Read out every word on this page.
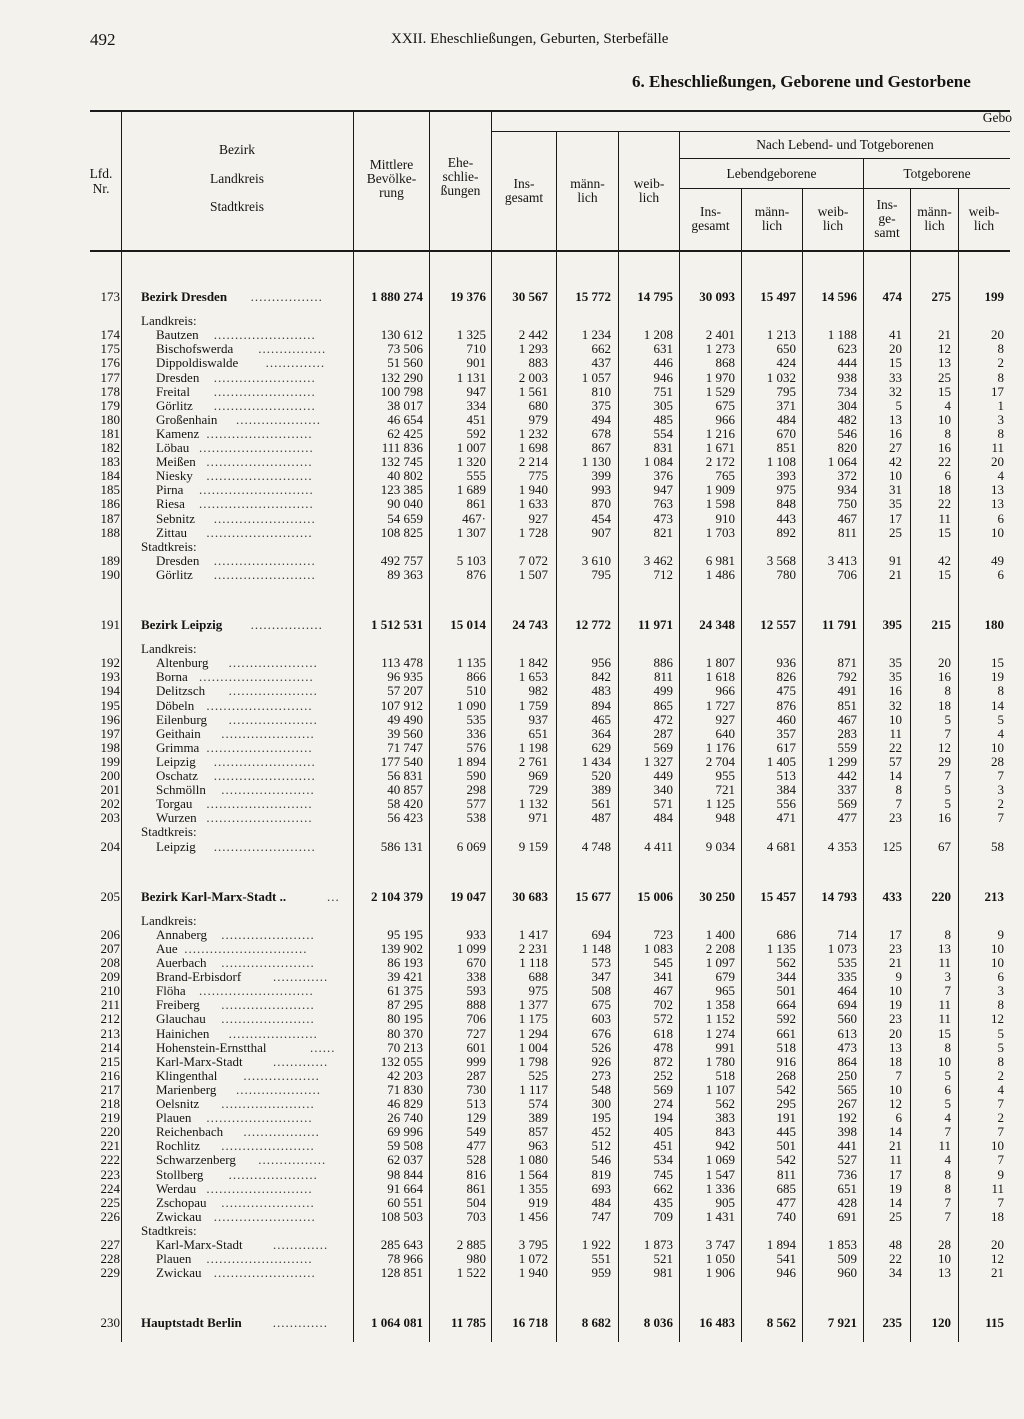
492	XXII. Eheschließungen, Geburten, Sterbefälle
6. Eheschließungen, Geborene und Gestorbene
Lfd.
Nr.
Bezirk
Landkreis
Stadtkreis
Mittlere
Bevölke-
rung
Ehe-
schlie-
ßungen
Gebo
Nach Lebend- und Totgeborenen
Lebendgeborene	Totgeborene
Ins-
gesamt
männ-
lich
weib-
lich
Ins-
gesamt
männ-
lich
weib-
lich
Ins-
ge-
samt
männ-
lich
weib-
lich
173 Bezirk Dresden	.................	1 880 274	19 376	30 567	15 772	14 795	30 093	15 497	14 596	474	275	199
Landkreis:
174	Bautzen	........................	130 612	1 325	2 442	1 234	1 208	2 401	1 213	1 188	41	21	20
175	Bischofswerda	................	73 506	710	1 293	662	631	1 273	650	623	20	12	8
176	Dippoldiswalde	..............	51 560	901	883	437	446	868	424	444	15	13	2
177	Dresden	........................	132 290	1 131	2 003	1 057	946	1 970	1 032	938	33	25	8
178	Freital	........................	100 798	947	1 561	810	751	1 529	795	734	32	15	17
179	Görlitz	........................	38 017	334	680	375	305	675	371	304	5	4	1
180	Großenhain	....................	46 654	451	979	494	485	966	484	482	13	10	3
181	Kamenz .........................	62 425	592	1 232	678	554	1 216	670	546	16	8	8
182	Löbau ...........................	111 836	1 007	1 698	867	831	1 671	851	820	27	16	11
183	Meißen .........................	132 745	1 320	2 214	1 130	1 084	2 172	1 108	1 064	42	22	20
184	Niesky	.........................	40 802	555	775	399	376	765	393	372	10	6	4
185	Pirna	...........................	123 385	1 689	1 940	993	947	1 909	975	934	31	18	13
186	Riesa	...........................	90 040	861	1 633	870	763	1 598	848	750	35	22	13
187	Sebnitz	........................	54 659	467·	927	454	473	910	443	467	17	11	6
188	Zittau	.........................	108 825	1 307	1 728	907	821	1 703	892	811	25	15	10
Stadtkreis:
189	Dresden	........................	492 757	5 103	7 072	3 610	3 462	6 981	3 568	3 413	91	42	49
190	Görlitz	........................	89 363	876	1 507	795	712	1 486	780	706	21	15	6
191 Bezirk Leipzig	.................	1 512 531	15 014	24 743	12 772	11 971	24 348	12 557	11 791	395	215	180
Landkreis:
192	Altenburg	.....................	113 478	1 135	1 842	956	886	1 807	936	871	35	20	15
193	Borna ...........................	96 935	866	1 653	842	811	1 618	826	792	35	16	19
194	Delitzsch	.....................	57 207	510	982	483	499	966	475	491	16	8	8
195	Döbeln .........................	107 912	1 090	1 759	894	865	1 727	876	851	32	18	14
196	Eilenburg	.....................	49 490	535	937	465	472	927	460	467	10	5	5
197	Geithain	......................	39 560	336	651	364	287	640	357	283	11	7	4
198	Grimma .........................	71 747	576	1 198	629	569	1 176	617	559	22	12	10
199	Leipzig	........................	177 540	1 894	2 761	1 434	1 327	2 704	1 405	1 299	57	29	28
200	Oschatz	........................	56 831	590	969	520	449	955	513	442	14	7	7
201	Schmölln	......................	40 857	298	729	389	340	721	384	337	8	5	3
202	Torgau	.........................	58 420	577	1 132	561	571	1 125	556	569	7	5	2
203	Wurzen .........................	56 423	538	971	487	484	948	471	477	23	16	7
Stadtkreis:
204	Leipzig	........................	586 131	6 069	9 159	4 748	4 411	9 034	4 681	4 353	125	67	58
205 Bezirk Karl-Marx-Stadt ..	...	2 104 379	19 047	30 683	15 677	15 006	30 250	15 457	14 793	433	220	213
Landkreis:
206	Annaberg	......................	95 195	933	1 417	694	723	1 400	686	714	17	8	9
207	Aue .............................	139 902	1 099	2 231	1 148	1 083	2 208	1 135	1 073	23	13	10
208	Auerbach	......................	86 193	670	1 118	573	545	1 097	562	535	21	11	10
209	Brand-Erbisdorf	.............	39 421	338	688	347	341	679	344	335	9	3	6
210	Flöha	...........................	61 375	593	975	508	467	965	501	464	10	7	3
211	Freiberg	......................	87 295	888	1 377	675	702	1 358	664	694	19	11	8
212	Glauchau	......................	80 195	706	1 175	603	572	1 152	592	560	23	11	12
213	Hainichen	.....................	80 370	727	1 294	676	618	1 274	661	613	20	15	5
214	Hohenstein-Ernstthal	......	70 213	601	1 004	526	478	991	518	473	13	8	5
215	Karl-Marx-Stadt	.............	132 055	999	1 798	926	872	1 780	916	864	18	10	8
216	Klingenthal	..................	42 203	287	525	273	252	518	268	250	7	5	2
217	Marienberg	....................	71 830	730	1 117	548	569	1 107	542	565	10	6	4
218	Oelsnitz	......................	46 829	513	574	300	274	562	295	267	12	5	7
219	Plauen	.........................	26 740	129	389	195	194	383	191	192	6	4	2
220	Reichenbach	..................	69 996	549	857	452	405	843	445	398	14	7	7
221	Rochlitz	......................	59 508	477	963	512	451	942	501	441	21	11	10
222	Schwarzenberg	................	62 037	528	1 080	546	534	1 069	542	527	11	4	7
223	Stollberg	.....................	98 844	816	1 564	819	745	1 547	811	736	17	8	9
224	Werdau .........................	91 664	861	1 355	693	662	1 336	685	651	19	8	11
225	Zschopau	......................	60 551	504	919	484	435	905	477	428	14	7	7
226	Zwickau ........................	108 503	703	1 456	747	709	1 431	740	691	25	7	18
Stadtkreis:
227	Karl-Marx-Stadt	.............	285 643	2 885	3 795	1 922	1 873	3 747	1 894	1 853	48	28	20
228	Plauen	.........................	78 966	980	1 072	551	521	1 050	541	509	22	10	12
229	Zwickau ........................	128 851	1 522	1 940	959	981	1 906	946	960	34	13	21
230 Hauptstadt Berlin	.............	1 064 081	11 785	16 718	8 682	8 036	16 483	8 562	7 921	235	120	115
